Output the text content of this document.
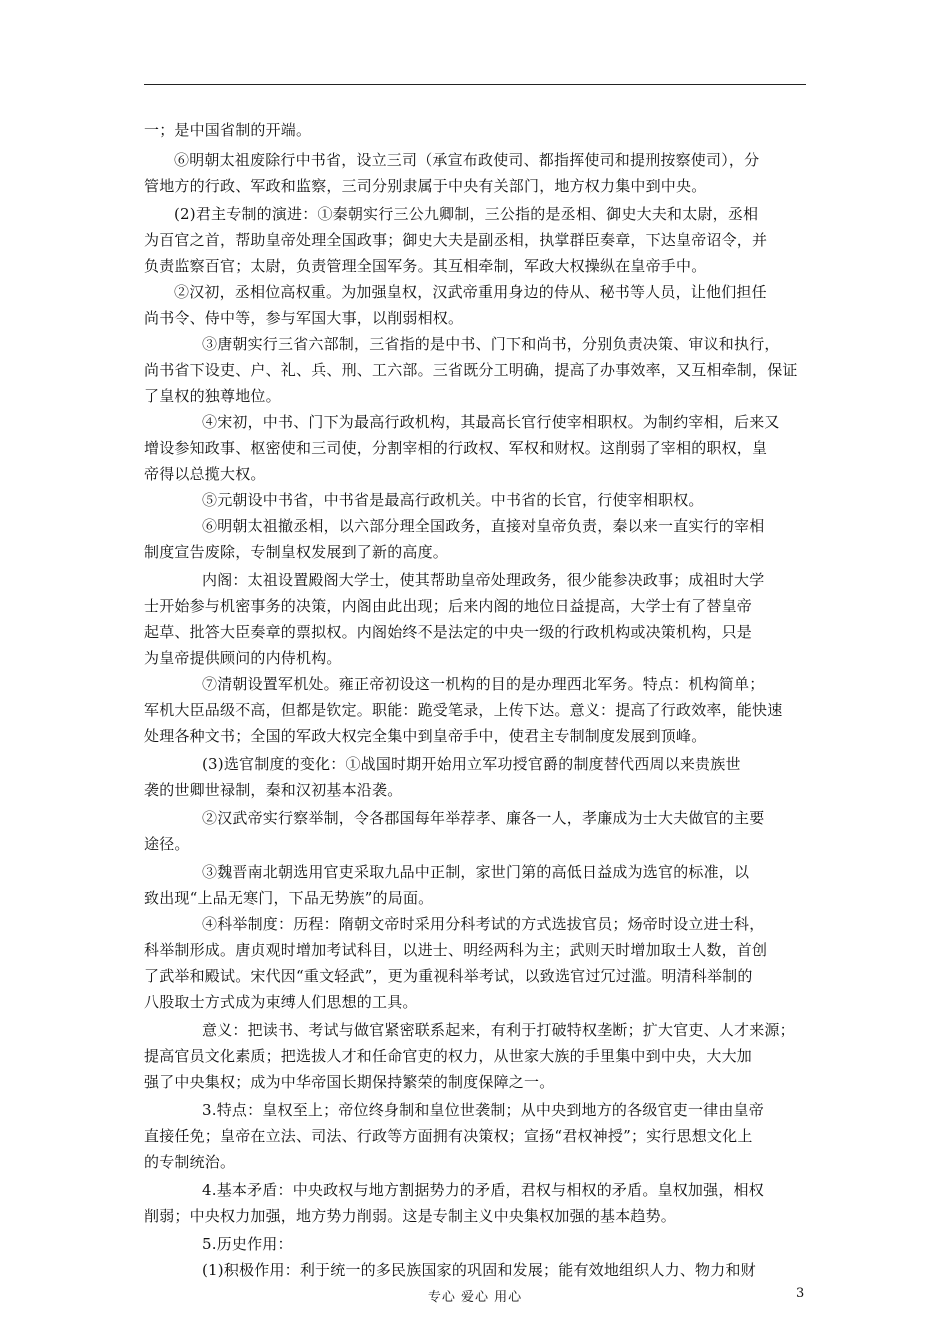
一；是中国省制的开端。
⑥明朝太祖废除行中书省，设立三司（承宣布政使司、都指挥使司和提刑按察使司），分
管地方的行政、军政和监察，三司分别隶属于中央有关部门，地方权力集中到中央。
(2)君主专制的演进：①秦朝实行三公九卿制，三公指的是丞相、御史大夫和太尉，丞相
为百官之首，帮助皇帝处理全国政事；御史大夫是副丞相，执掌群臣奏章，下达皇帝诏令，并
负责监察百官；太尉，负责管理全国军务。其互相牵制，军政大权操纵在皇帝手中。
②汉初，丞相位高权重。为加强皇权，汉武帝重用身边的侍从、秘书等人员，让他们担任
尚书令、侍中等，参与军国大事，以削弱相权。
③唐朝实行三省六部制，三省指的是中书、门下和尚书，分别负责决策、审议和执行，
尚书省下设吏、户、礼、兵、刑、工六部。三省既分工明确，提高了办事效率，又互相牵制，保证
了皇权的独尊地位。
④宋初，中书、门下为最高行政机构，其最高长官行使宰相职权。为制约宰相，后来又
增设参知政事、枢密使和三司使，分割宰相的行政权、军权和财权。这削弱了宰相的职权，皇
帝得以总揽大权。
⑤元朝设中书省，中书省是最高行政机关。中书省的长官，行使宰相职权。
⑥明朝太祖撤丞相，以六部分理全国政务，直接对皇帝负责，秦以来一直实行的宰相
制度宣告废除，专制皇权发展到了新的高度。
内阁：太祖设置殿阁大学士，使其帮助皇帝处理政务，很少能参决政事；成祖时大学
士开始参与机密事务的决策，内阁由此出现；后来内阁的地位日益提高，大学士有了替皇帝
起草、批答大臣奏章的票拟权。内阁始终不是法定的中央一级的行政机构或决策机构，只是
为皇帝提供顾问的内侍机构。
⑦清朝设置军机处。雍正帝初设这一机构的目的是办理西北军务。特点：机构简单；
军机大臣品级不高，但都是钦定。职能：跪受笔录，上传下达。意义：提高了行政效率，能快速
处理各种文书；全国的军政大权完全集中到皇帝手中，使君主专制制度发展到顶峰。
(3)选官制度的变化：①战国时期开始用立军功授官爵的制度替代西周以来贵族世
袭的世卿世禄制，秦和汉初基本沿袭。
②汉武帝实行察举制，令各郡国每年举荐孝、廉各一人，孝廉成为士大夫做官的主要
途径。
③魏晋南北朝选用官吏采取九品中正制，家世门第的高低日益成为选官的标准，以
致出现“上品无寒门，下品无势族”的局面。
④科举制度：历程：隋朝文帝时采用分科考试的方式选拔官员；炀帝时设立进士科，
科举制形成。唐贞观时增加考试科目，以进士、明经两科为主；武则天时增加取士人数，首创
了武举和殿试。宋代因“重文轻武”，更为重视科举考试，以致选官过冗过滥。明清科举制的
八股取士方式成为束缚人们思想的工具。
意义：把读书、考试与做官紧密联系起来，有利于打破特权垄断；扩大官吏、人才来源；
提高官员文化素质；把选拔人才和任命官吏的权力，从世家大族的手里集中到中央，大大加
强了中央集权；成为中华帝国长期保持繁荣的制度保障之一。
3.特点：皇权至上；帝位终身制和皇位世袭制；从中央到地方的各级官吏一律由皇帝
直接任免；皇帝在立法、司法、行政等方面拥有决策权；宣扬“君权神授”；实行思想文化上
的专制统治。
4.基本矛盾：中央政权与地方割据势力的矛盾，君权与相权的矛盾。皇权加强，相权
削弱；中央权力加强，地方势力削弱。这是专制主义中央集权加强的基本趋势。
5.历史作用：
(1)积极作用：利于统一的多民族国家的巩固和发展；能有效地组织人力、物力和财
专心 爱心 用心	3
